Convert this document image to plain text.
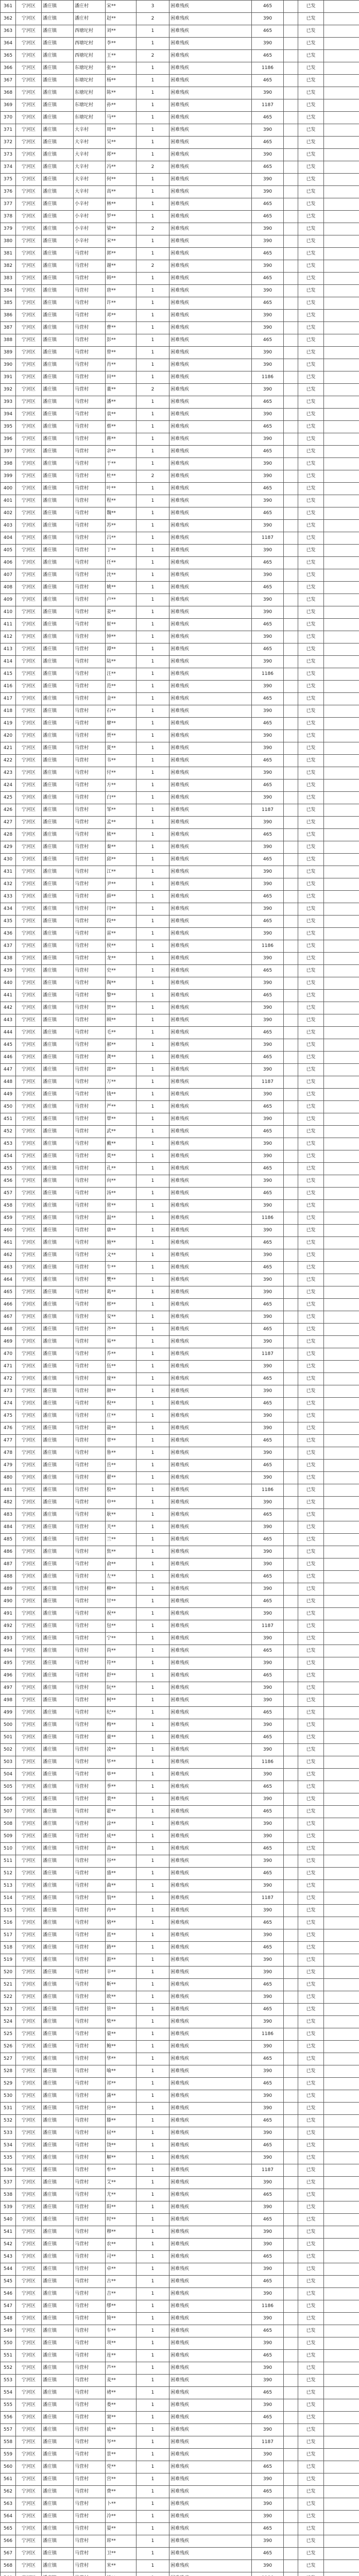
361	宁河区	潘庄镇	潘庄村	宋**	3	困难残疾	465		已发	
362	宁河区	潘庄镇	潘庄村	赵**	2	困难残疾	390		已发	
363	宁河区	潘庄镇	西塘坨村	刘**	1	困难残疾	465		已发	
364	宁河区	潘庄镇	西塘坨村	李**	1	困难残疾	390		已发	
365	宁河区	潘庄镇	西塘坨村	王**	2	困难残疾	465		已发	
366	宁河区	潘庄镇	东塘坨村	张**	1	困难残疾	1186		已发	
367	宁河区	潘庄镇	东塘坨村	杨**	1	困难残疾	465		已发	
368	宁河区	潘庄镇	东塘坨村	陈**	1	困难残疾	390		已发	
369	宁河区	潘庄镇	东塘坨村	孙**	1	困难残疾	1187		已发	
370	宁河区	潘庄镇	东塘坨村	马**	1	困难残疾	465		已发	
371	宁河区	潘庄镇	大辛村	周**	1	困难残疾	390		已发	
372	宁河区	潘庄镇	大辛村	吴**	1	困难残疾	465		已发	
373	宁河区	潘庄镇	大辛村	郑**	1	困难残疾	390		已发	
374	宁河区	潘庄镇	大辛村	冯**	2	困难残疾	465		已发	
375	宁河区	潘庄镇	大辛村	何**	1	困难残疾	390		已发	
376	宁河区	潘庄镇	大辛村	高**	1	困难残疾	390		已发	
377	宁河区	潘庄镇	小辛村	林**	1	困难残疾	465		已发	
378	宁河区	潘庄镇	小辛村	罗**	1	困难残疾	465		已发	
379	宁河区	潘庄镇	小辛村	梁**	2	困难残疾	390		已发	
380	宁河区	潘庄镇	小辛村	宋**	1	困难残疾	390		已发	
381	宁河区	潘庄镇	马营村	郭**	1	困难残疾	465		已发	
382	宁河区	潘庄镇	马营村	谢**	2	困难残疾	390		已发	
383	宁河区	潘庄镇	马营村	韩**	1	困难残疾	465		已发	
384	宁河区	潘庄镇	马营村	唐**	1	困难残疾	390		已发	
385	宁河区	潘庄镇	马营村	许**	1	困难残疾	465		已发	
386	宁河区	潘庄镇	马营村	邓**	1	困难残疾	390		已发	
387	宁河区	潘庄镇	马营村	曹**	1	困难残疾	390		已发	
388	宁河区	潘庄镇	马营村	彭**	1	困难残疾	465		已发	
389	宁河区	潘庄镇	马营村	曾**	1	困难残疾	390		已发	
390	宁河区	潘庄镇	马营村	肖**	1	困难残疾	390		已发	
391	宁河区	潘庄镇	马营村	田**	1	困难残疾	1186		已发	
392	宁河区	潘庄镇	马营村	董**	2	困难残疾	390		已发	
393	宁河区	潘庄镇	马营村	潘**	1	困难残疾	465		已发	
394	宁河区	潘庄镇	马营村	袁**	1	困难残疾	390		已发	
395	宁河区	潘庄镇	马营村	蔡**	1	困难残疾	465		已发	
396	宁河区	潘庄镇	马营村	蒋**	1	困难残疾	390		已发	
397	宁河区	潘庄镇	马营村	余**	1	困难残疾	465		已发	
398	宁河区	潘庄镇	马营村	于**	1	困难残疾	390		已发	
399	宁河区	潘庄镇	马营村	杜**	2	困难残疾	390		已发	
400	宁河区	潘庄镇	马营村	叶**	1	困难残疾	465		已发	
401	宁河区	潘庄镇	马营村	程**	1	困难残疾	390		已发	
402	宁河区	潘庄镇	马营村	魏**	1	困难残疾	465		已发	
403	宁河区	潘庄镇	马营村	苏**	1	困难残疾	390		已发	
404	宁河区	潘庄镇	马营村	吕**	1	困难残疾	1187		已发	
405	宁河区	潘庄镇	马营村	丁**	1	困难残疾	390		已发	
406	宁河区	潘庄镇	马营村	任**	1	困难残疾	465		已发	
407	宁河区	潘庄镇	马营村	沈**	1	困难残疾	390		已发	
408	宁河区	潘庄镇	马营村	姚**	1	困难残疾	465		已发	
409	宁河区	潘庄镇	马营村	卢**	1	困难残疾	390		已发	
410	宁河区	潘庄镇	马营村	姜**	1	困难残疾	390		已发	
411	宁河区	潘庄镇	马营村	崔**	1	困难残疾	465		已发	
412	宁河区	潘庄镇	马营村	钟**	1	困难残疾	390		已发	
413	宁河区	潘庄镇	马营村	谭**	1	困难残疾	465		已发	
414	宁河区	潘庄镇	马营村	陆**	1	困难残疾	390		已发	
415	宁河区	潘庄镇	马营村	汪**	1	困难残疾	1186		已发	
416	宁河区	潘庄镇	马营村	范**	1	困难残疾	390		已发	
417	宁河区	潘庄镇	马营村	金**	1	困难残疾	465		已发	
418	宁河区	潘庄镇	马营村	石**	1	困难残疾	390		已发	
419	宁河区	潘庄镇	马营村	廖**	1	困难残疾	465		已发	
420	宁河区	潘庄镇	马营村	贾**	1	困难残疾	390		已发	
421	宁河区	潘庄镇	马营村	夏**	1	困难残疾	390		已发	
422	宁河区	潘庄镇	马营村	韦**	1	困难残疾	465		已发	
423	宁河区	潘庄镇	马营村	付**	1	困难残疾	390		已发	
424	宁河区	潘庄镇	马营村	方**	1	困难残疾	465		已发	
425	宁河区	潘庄镇	马营村	白**	1	困难残疾	390		已发	
426	宁河区	潘庄镇	马营村	邹**	1	困难残疾	1187		已发	
427	宁河区	潘庄镇	马营村	孟**	1	困难残疾	390		已发	
428	宁河区	潘庄镇	马营村	熊**	1	困难残疾	465		已发	
429	宁河区	潘庄镇	马营村	秦**	1	困难残疾	390		已发	
430	宁河区	潘庄镇	马营村	邱**	1	困难残疾	465		已发	
431	宁河区	潘庄镇	马营村	江**	1	困难残疾	390		已发	
432	宁河区	潘庄镇	马营村	尹**	1	困难残疾	390		已发	
433	宁河区	潘庄镇	马营村	薛**	1	困难残疾	465		已发	
434	宁河区	潘庄镇	马营村	闫**	1	困难残疾	390		已发	
435	宁河区	潘庄镇	马营村	段**	1	困难残疾	465		已发	
436	宁河区	潘庄镇	马营村	雷**	1	困难残疾	390		已发	
437	宁河区	潘庄镇	马营村	侯**	1	困难残疾	1186		已发	
438	宁河区	潘庄镇	马营村	龙**	1	困难残疾	390		已发	
439	宁河区	潘庄镇	马营村	史**	1	困难残疾	465		已发	
440	宁河区	潘庄镇	马营村	陶**	1	困难残疾	390		已发	
441	宁河区	潘庄镇	马营村	黎**	1	困难残疾	465		已发	
442	宁河区	潘庄镇	马营村	贺**	1	困难残疾	390		已发	
443	宁河区	潘庄镇	马营村	顾**	1	困难残疾	390		已发	
444	宁河区	潘庄镇	马营村	毛**	1	困难残疾	465		已发	
445	宁河区	潘庄镇	马营村	郝**	1	困难残疾	390		已发	
446	宁河区	潘庄镇	马营村	龚**	1	困难残疾	465		已发	
447	宁河区	潘庄镇	马营村	邵**	1	困难残疾	390		已发	
448	宁河区	潘庄镇	马营村	万**	1	困难残疾	1187		已发	
449	宁河区	潘庄镇	马营村	钱**	1	困难残疾	390		已发	
450	宁河区	潘庄镇	马营村	严**	1	困难残疾	465		已发	
451	宁河区	潘庄镇	马营村	覃**	1	困难残疾	390		已发	
452	宁河区	潘庄镇	马营村	武**	1	困难残疾	465		已发	
453	宁河区	潘庄镇	马营村	戴**	1	困难残疾	390		已发	
454	宁河区	潘庄镇	马营村	莫**	1	困难残疾	390		已发	
455	宁河区	潘庄镇	马营村	孔**	1	困难残疾	465		已发	
456	宁河区	潘庄镇	马营村	向**	1	困难残疾	390		已发	
457	宁河区	潘庄镇	马营村	汤**	1	困难残疾	465		已发	
458	宁河区	潘庄镇	马营村	常**	1	困难残疾	390		已发	
459	宁河区	潘庄镇	马营村	温**	1	困难残疾	1186		已发	
460	宁河区	潘庄镇	马营村	康**	1	困难残疾	390		已发	
461	宁河区	潘庄镇	马营村	施**	1	困难残疾	465		已发	
462	宁河区	潘庄镇	马营村	文**	1	困难残疾	390		已发	
463	宁河区	潘庄镇	马营村	牛**	1	困难残疾	465		已发	
464	宁河区	潘庄镇	马营村	樊**	1	困难残疾	390		已发	
465	宁河区	潘庄镇	马营村	葛**	1	困难残疾	390		已发	
466	宁河区	潘庄镇	马营村	邢**	1	困难残疾	465		已发	
467	宁河区	潘庄镇	马营村	安**	1	困难残疾	390		已发	
468	宁河区	潘庄镇	马营村	齐**	1	困难残疾	465		已发	
469	宁河区	潘庄镇	马营村	易**	1	困难残疾	390		已发	
470	宁河区	潘庄镇	马营村	乔**	1	困难残疾	1187		已发	
471	宁河区	潘庄镇	马营村	伍**	1	困难残疾	390		已发	
472	宁河区	潘庄镇	马营村	庞**	1	困难残疾	465		已发	
473	宁河区	潘庄镇	马营村	颜**	1	困难残疾	390		已发	
474	宁河区	潘庄镇	马营村	倪**	1	困难残疾	465		已发	
475	宁河区	潘庄镇	马营村	庄**	1	困难残疾	390		已发	
476	宁河区	潘庄镇	马营村	聂**	1	困难残疾	390		已发	
477	宁河区	潘庄镇	马营村	章**	1	困难残疾	465		已发	
478	宁河区	潘庄镇	马营村	鲁**	1	困难残疾	390		已发	
479	宁河区	潘庄镇	马营村	岳**	1	困难残疾	465		已发	
480	宁河区	潘庄镇	马营村	翟**	1	困难残疾	390		已发	
481	宁河区	潘庄镇	马营村	殷**	1	困难残疾	1186		已发	
482	宁河区	潘庄镇	马营村	申**	1	困难残疾	390		已发	
483	宁河区	潘庄镇	马营村	耿**	1	困难残疾	465		已发	
484	宁河区	潘庄镇	马营村	关**	1	困难残疾	390		已发	
485	宁河区	潘庄镇	马营村	兰**	1	困难残疾	465		已发	
486	宁河区	潘庄镇	马营村	焦**	1	困难残疾	390		已发	
487	宁河区	潘庄镇	马营村	俞**	1	困难残疾	390		已发	
488	宁河区	潘庄镇	马营村	左**	1	困难残疾	465		已发	
489	宁河区	潘庄镇	马营村	柳**	1	困难残疾	390		已发	
490	宁河区	潘庄镇	马营村	甘**	1	困难残疾	465		已发	
491	宁河区	潘庄镇	马营村	祝**	1	困难残疾	390		已发	
492	宁河区	潘庄镇	马营村	包**	1	困难残疾	1187		已发	
493	宁河区	潘庄镇	马营村	宁**	1	困难残疾	390		已发	
494	宁河区	潘庄镇	马营村	尚**	1	困难残疾	465		已发	
495	宁河区	潘庄镇	马营村	符**	1	困难残疾	390		已发	
496	宁河区	潘庄镇	马营村	舒**	1	困难残疾	465		已发	
497	宁河区	潘庄镇	马营村	阮**	1	困难残疾	390		已发	
498	宁河区	潘庄镇	马营村	柯**	1	困难残疾	390		已发	
499	宁河区	潘庄镇	马营村	纪**	1	困难残疾	465		已发	
500	宁河区	潘庄镇	马营村	梅**	1	困难残疾	390		已发	
501	宁河区	潘庄镇	马营村	童**	1	困难残疾	465		已发	
502	宁河区	潘庄镇	马营村	凌**	1	困难残疾	390		已发	
503	宁河区	潘庄镇	马营村	毕**	1	困难残疾	1186		已发	
504	宁河区	潘庄镇	马营村	单**	1	困难残疾	390		已发	
505	宁河区	潘庄镇	马营村	季**	1	困难残疾	465		已发	
506	宁河区	潘庄镇	马营村	裴**	1	困难残疾	390		已发	
507	宁河区	潘庄镇	马营村	霍**	1	困难残疾	465		已发	
508	宁河区	潘庄镇	马营村	涂**	1	困难残疾	390		已发	
509	宁河区	潘庄镇	马营村	成**	1	困难残疾	390		已发	
510	宁河区	潘庄镇	马营村	苗**	1	困难残疾	465		已发	
511	宁河区	潘庄镇	马营村	谷**	1	困难残疾	390		已发	
512	宁河区	潘庄镇	马营村	盛**	1	困难残疾	465		已发	
513	宁河区	潘庄镇	马营村	曲**	1	困难残疾	390		已发	
514	宁河区	潘庄镇	马营村	翁**	1	困难残疾	1187		已发	
515	宁河区	潘庄镇	马营村	冉**	1	困难残疾	390		已发	
516	宁河区	潘庄镇	马营村	骆**	1	困难残疾	465		已发	
517	宁河区	潘庄镇	马营村	蓝**	1	困难残疾	390		已发	
518	宁河区	潘庄镇	马营村	路**	1	困难残疾	465		已发	
519	宁河区	潘庄镇	马营村	游**	1	困难残疾	390		已发	
520	宁河区	潘庄镇	马营村	辛**	1	困难残疾	390		已发	
521	宁河区	潘庄镇	马营村	靳**	1	困难残疾	465		已发	
522	宁河区	潘庄镇	马营村	欧**	1	困难残疾	390		已发	
523	宁河区	潘庄镇	马营村	管**	1	困难残疾	465		已发	
524	宁河区	潘庄镇	马营村	柴**	1	困难残疾	390		已发	
525	宁河区	潘庄镇	马营村	蒙**	1	困难残疾	1186		已发	
526	宁河区	潘庄镇	马营村	鲍**	1	困难残疾	390		已发	
527	宁河区	潘庄镇	马营村	华**	1	困难残疾	465		已发	
528	宁河区	潘庄镇	马营村	喻**	1	困难残疾	390		已发	
529	宁河区	潘庄镇	马营村	祁**	1	困难残疾	465		已发	
530	宁河区	潘庄镇	马营村	蒲**	1	困难残疾	390		已发	
531	宁河区	潘庄镇	马营村	房**	1	困难残疾	390		已发	
532	宁河区	潘庄镇	马营村	滕**	1	困难残疾	465		已发	
533	宁河区	潘庄镇	马营村	屈**	1	困难残疾	390		已发	
534	宁河区	潘庄镇	马营村	饶**	1	困难残疾	465		已发	
535	宁河区	潘庄镇	马营村	解**	1	困难残疾	390		已发	
536	宁河区	潘庄镇	马营村	牟**	1	困难残疾	1187		已发	
537	宁河区	潘庄镇	马营村	艾**	1	困难残疾	390		已发	
538	宁河区	潘庄镇	马营村	尤**	1	困难残疾	465		已发	
539	宁河区	潘庄镇	马营村	阳**	1	困难残疾	390		已发	
540	宁河区	潘庄镇	马营村	时**	1	困难残疾	465		已发	
541	宁河区	潘庄镇	马营村	穆**	1	困难残疾	390		已发	
542	宁河区	潘庄镇	马营村	农**	1	困难残疾	390		已发	
543	宁河区	潘庄镇	马营村	司**	1	困难残疾	465		已发	
544	宁河区	潘庄镇	马营村	卓**	1	困难残疾	390		已发	
545	宁河区	潘庄镇	马营村	古**	1	困难残疾	465		已发	
546	宁河区	潘庄镇	马营村	吉**	1	困难残疾	390		已发	
547	宁河区	潘庄镇	马营村	缪**	1	困难残疾	1186		已发	
548	宁河区	潘庄镇	马营村	简**	1	困难残疾	390		已发	
549	宁河区	潘庄镇	马营村	车**	1	困难残疾	465		已发	
550	宁河区	潘庄镇	马营村	项**	1	困难残疾	390		已发	
551	宁河区	潘庄镇	马营村	连**	1	困难残疾	465		已发	
552	宁河区	潘庄镇	马营村	芦**	1	困难残疾	390		已发	
553	宁河区	潘庄镇	马营村	麦**	1	困难残疾	390		已发	
554	宁河区	潘庄镇	马营村	褚**	1	困难残疾	465		已发	
555	宁河区	潘庄镇	马营村	娄**	1	困难残疾	390		已发	
556	宁河区	潘庄镇	马营村	窦**	1	困难残疾	465		已发	
557	宁河区	潘庄镇	马营村	戚**	1	困难残疾	390		已发	
558	宁河区	潘庄镇	马营村	岑**	1	困难残疾	1187		已发	
559	宁河区	潘庄镇	马营村	景**	1	困难残疾	390		已发	
560	宁河区	潘庄镇	马营村	党**	1	困难残疾	465		已发	
561	宁河区	潘庄镇	马营村	宫**	1	困难残疾	390		已发	
562	宁河区	潘庄镇	马营村	费**	1	困难残疾	465		已发	
563	宁河区	潘庄镇	马营村	卜**	1	困难残疾	390		已发	
564	宁河区	潘庄镇	马营村	冷**	1	困难残疾	390		已发	
565	宁河区	潘庄镇	马营村	晏**	1	困难残疾	465		已发	
566	宁河区	潘庄镇	马营村	席**	1	困难残疾	390		已发	
567	宁河区	潘庄镇	马营村	卫**	1	困难残疾	465		已发	
568	宁河区	潘庄镇	马营村	米**	1	困难残疾	390		已发	
